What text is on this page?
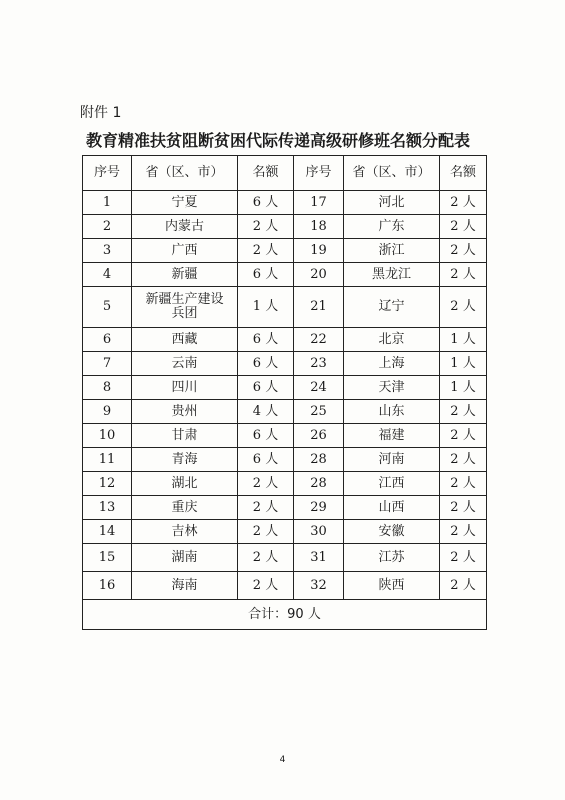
附件 1
教育精准扶贫阻断贫困代际传递高级研修班名额分配表
序号	省（区、市）	名额	序号	省（区、市）	名额
1	宁夏	6 人	17	河北	2 人
2	内蒙古	2 人	18	广东	2 人
3	广西	2 人	19	浙江	2 人
4	新疆	6 人	20	黑龙江	2 人
5	新疆生产建设兵团	1 人	21	辽宁	2 人
6	西藏	6 人	22	北京	1 人
7	云南	6 人	23	上海	1 人
8	四川	6 人	24	天津	1 人
9	贵州	4 人	25	山东	2 人
10	甘肃	6 人	26	福建	2 人
11	青海	6 人	28	河南	2 人
12	湖北	2 人	28	江西	2 人
13	重庆	2 人	29	山西	2 人
14	吉林	2 人	30	安徽	2 人
15	湖南	2 人	31	江苏	2 人
16	海南	2 人	32	陕西	2 人
合计：90 人					
4
